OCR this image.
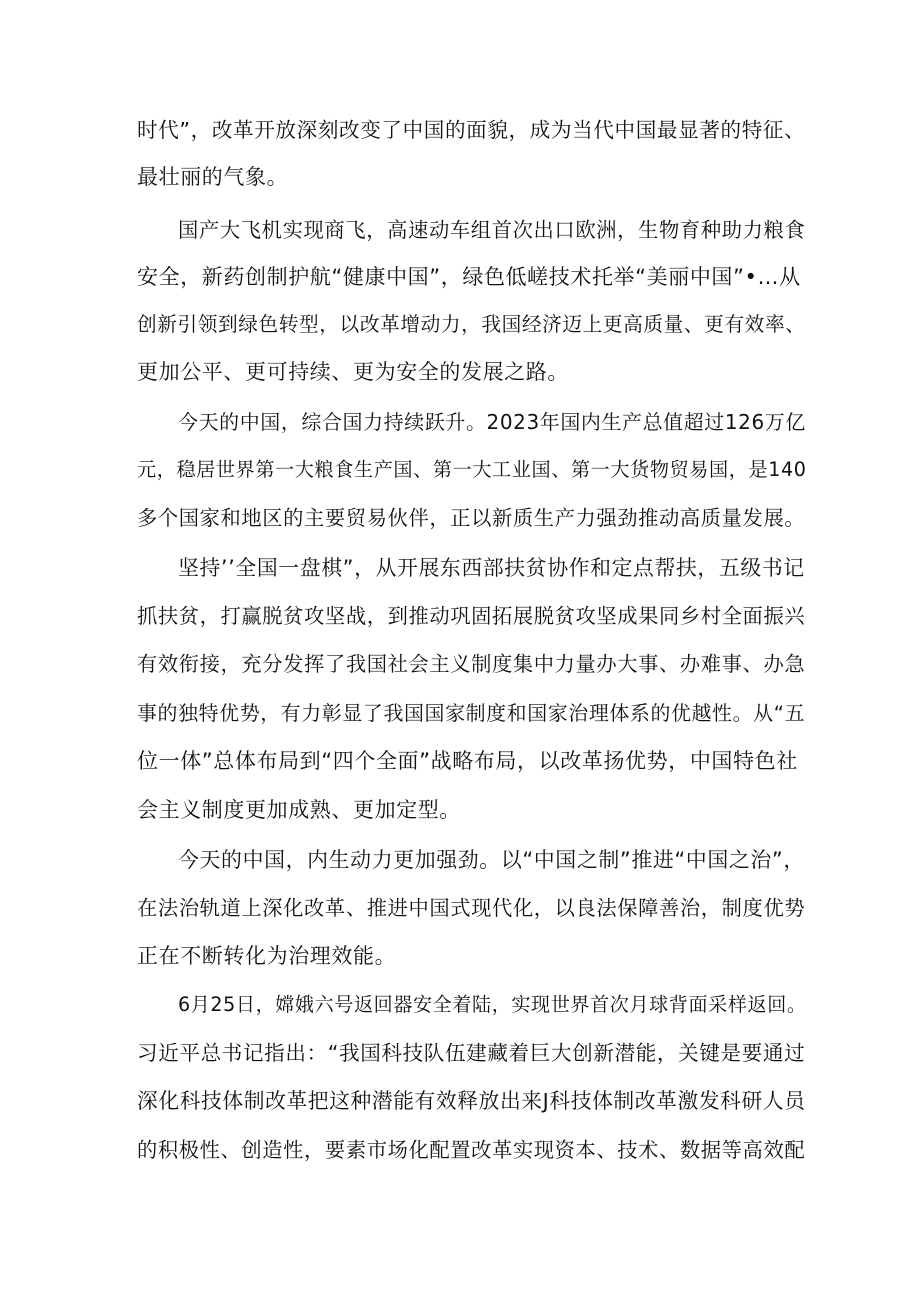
时代”，改革开放深刻改变了中国的面貌，成为当代中国最显著的特征、
最壮丽的气象。
国产大飞机实现商飞，高速动车组首次出口欧洲，生物育种助力粮食
安全，新药创制护航“健康中国”，绿色低嵯技术托举“美丽中国”•…从
创新引领到绿色转型，以改革增动力，我国经济迈上更高质量、更有效率、
更加公平、更可持续、更为安全的发展之路。
今天的中国，综合国力持续跃升。2023年国内生产总值超过126万亿
元，稳居世界第一大粮食生产国、第一大工业国、第一大货物贸易国，是140
多个国家和地区的主要贸易伙伴，正以新质生产力强劲推动高质量发展。
坚持’’全国一盘棋”，从开展东西部扶贫协作和定点帮扶，五级书记
抓扶贫，打赢脱贫攻坚战，到推动巩固拓展脱贫攻坚成果同乡村全面振兴
有效衔接，充分发挥了我国社会主义制度集中力量办大事、办难事、办急
事的独特优势，有力彰显了我国国家制度和国家治理体系的优越性。从“五
位一体”总体布局到“四个全面”战略布局，以改革扬优势，中国特色社
会主义制度更加成熟、更加定型。
今天的中国，内生动力更加强劲。以“中国之制”推进“中国之治”，
在法治轨道上深化改革、推进中国式现代化，以良法保障善治，制度优势
正在不断转化为治理效能。
6月25日，嫦娥六号返回器安全着陆，实现世界首次月球背面采样返回。
习近平总书记指出：“我国科技队伍建藏着巨大创新潜能，关键是要通过
深化科技体制改革把这种潜能有效释放出来J科技体制改革激发科研人员
的积极性、创造性，要素市场化配置改革实现资本、技术、数据等高效配
